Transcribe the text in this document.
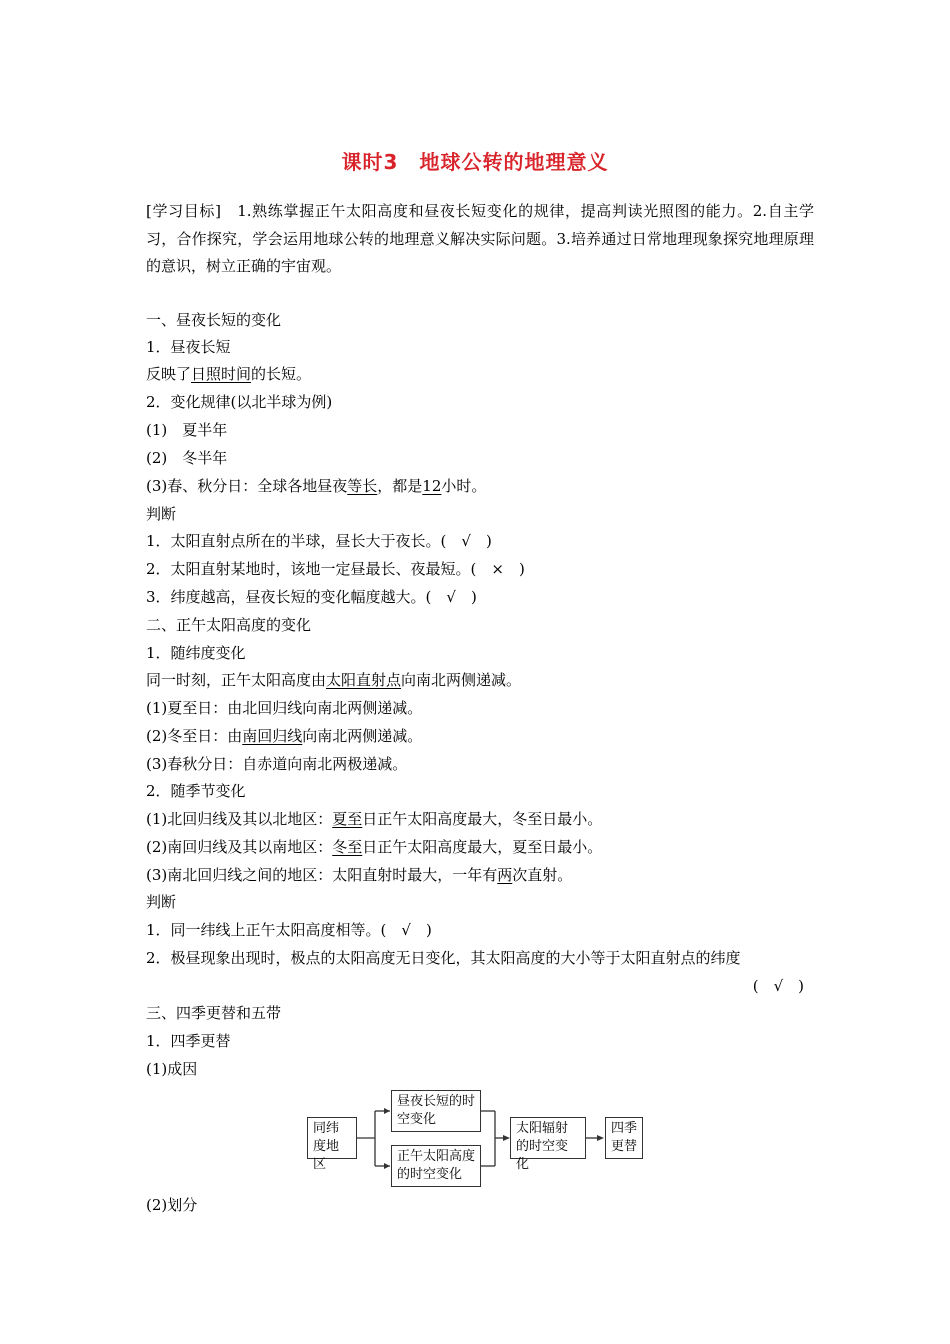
课时3　地球公转的地理意义
[学习目标]　1.熟练掌握正午太阳高度和昼夜长短变化的规律，提高判读光照图的能力。2.自主学习，合作探究，学会运用地球公转的地理意义解决实际问题。3.培养通过日常地理现象探究地理原理的意识，树立正确的宇宙观。
一、昼夜长短的变化
1．昼夜长短
反映了日照时间的长短。
2．变化规律(以北半球为例)
(1)　夏半年
(2)　冬半年
(3)春、秋分日：全球各地昼夜等长，都是12小时。
判断
1．太阳直射点所在的半球，昼长大于夜长。(　√　)
2．太阳直射某地时，该地一定昼最长、夜最短。(　×　)
3．纬度越高，昼夜长短的变化幅度越大。(　√　)
二、正午太阳高度的变化
1．随纬度变化
同一时刻，正午太阳高度由太阳直射点向南北两侧递减。
(1)夏至日：由北回归线向南北两侧递减。
(2)冬至日：由南回归线向南北两侧递减。
(3)春秋分日：自赤道向南北两极递减。
2．随季节变化
(1)北回归线及其以北地区：夏至日正午太阳高度最大，冬至日最小。
(2)南回归线及其以南地区：冬至日正午太阳高度最大，夏至日最小。
(3)南北回归线之间的地区：太阳直射时最大，一年有两次直射。
判断
1．同一纬线上正午太阳高度相等。(　√　)
2．极昼现象出现时，极点的太阳高度无日变化，其太阳高度的大小等于太阳直射点的纬度
(　√　)
三、四季更替和五带
1．四季更替
(1)成因
同纬度地区
昼夜长短的时空变化
正午太阳高度的时空变化
太阳辐射的时空变化
四季更替
(2)划分
